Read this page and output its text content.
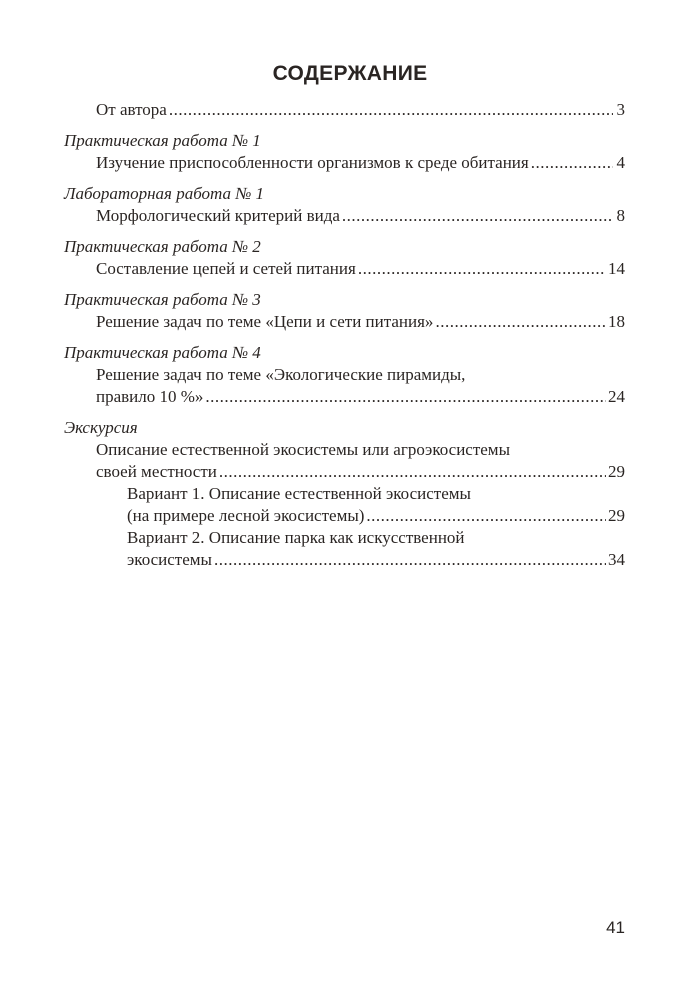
СОДЕРЖАНИЕ
От автора .....	3
Практическая работа № 1
Изучение приспособленности организмов к среде обитания .....	4
Лабораторная работа № 1
Морфологический критерий вида .....	8
Практическая работа № 2
Составление цепей и сетей питания .....	14
Практическая работа № 3
Решение задач по теме «Цепи и сети питания» .....	18
Практическая работа № 4
Решение задач по теме «Экологические пирамиды,
правило 10 %» .....	24
Экскурсия
Описание естественной экосистемы или агроэкосистемы
своей местности .....	29
Вариант 1. Описание естественной экосистемы
(на примере лесной экосистемы) .....	29
Вариант 2. Описание парка как искусственной
экосистемы .....	34
41
